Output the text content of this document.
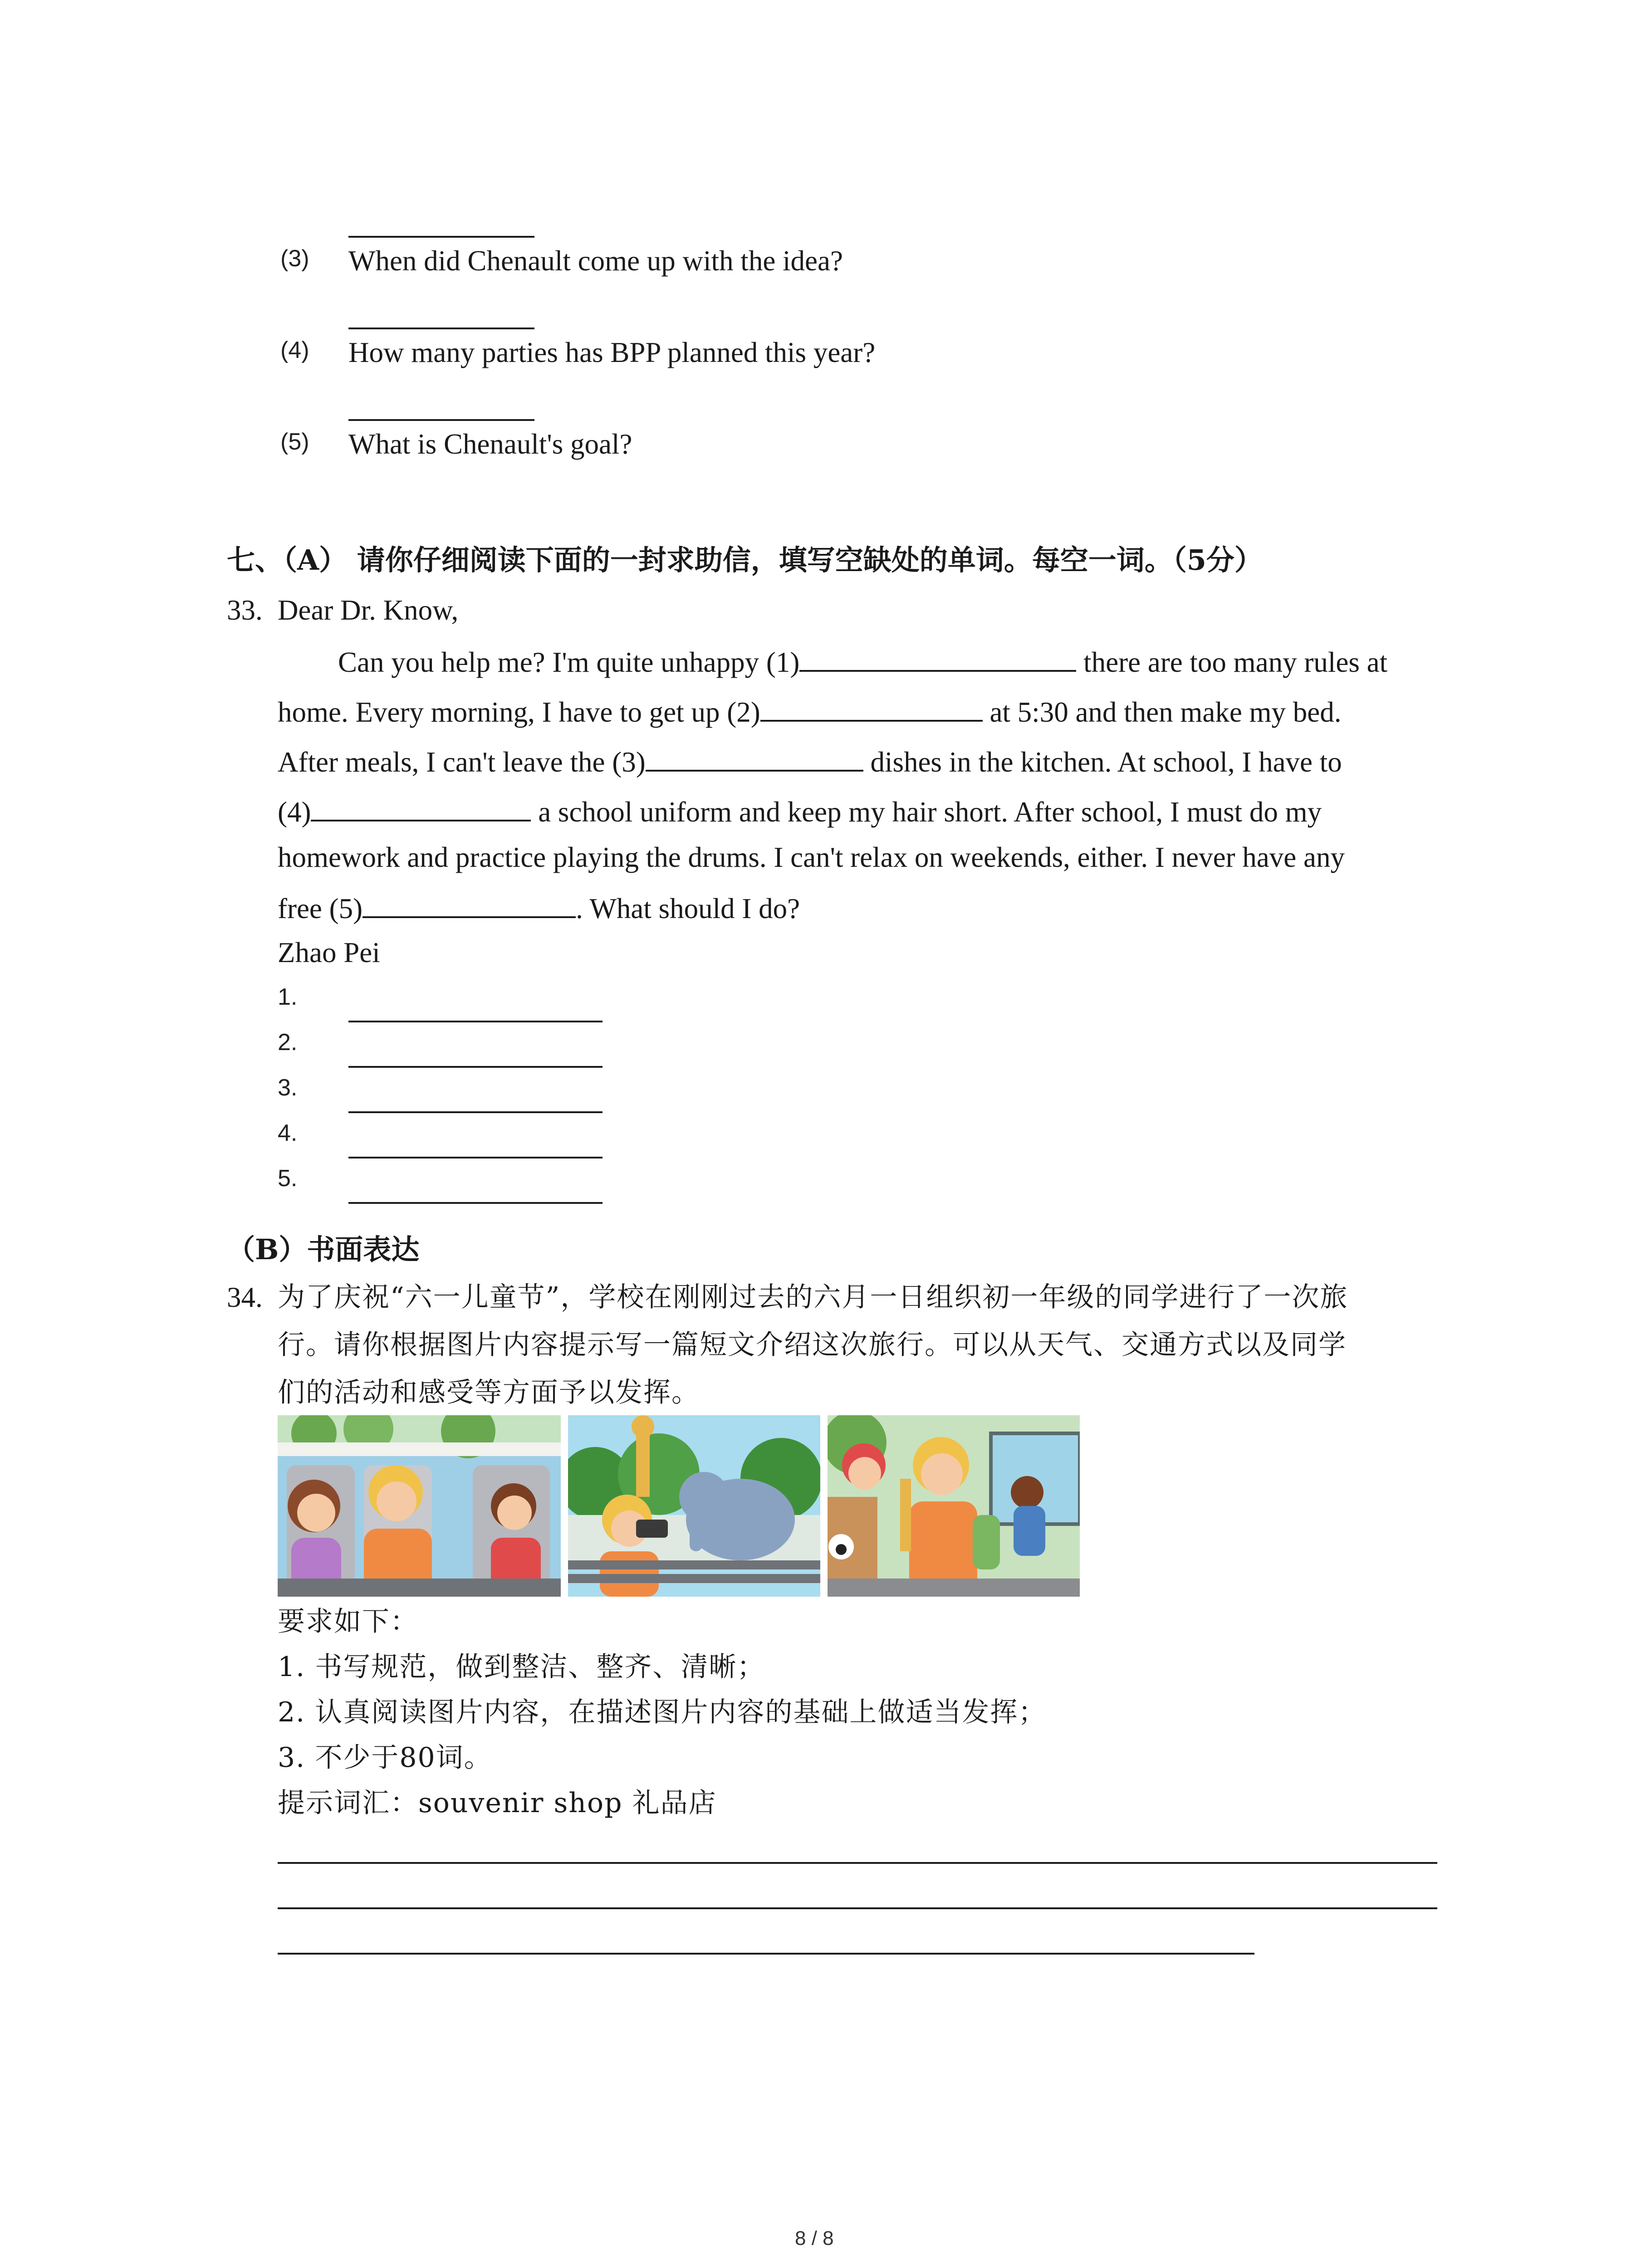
(3) When did Chenault come up with the idea?
(4) How many parties has BPP planned this year?
(5) What is Chenault's goal?
七、（A） 请你仔细阅读下面的一封求助信，填写空缺处的单词。每空一词。（5分）
33. Dear Dr. Know,
Can you help me? I'm quite unhappy (1)	there are too many rules at
home. Every morning, I have to get up (2)	at 5:30 and then make my bed.
After meals, I can't leave the (3)	dishes in the kitchen. At school, I have to
(4)	a school uniform and keep my hair short. After school, I must do my
homework and practice playing the drums. I can't relax on weekends, either. I never have any
free (5)	. What should I do?
Zhao Pei
1.
2.
3.
4.
5.
（B）书面表达
34. 为了庆祝“六一儿童节”，学校在刚刚过去的六月一日组织初一年级的同学进行了一次旅
行。请你根据图片内容提示写一篇短文介绍这次旅行。可以从天气、交通方式以及同学
们的活动和感受等方面予以发挥。
要求如下：
1. 书写规范，做到整洁、整齐、清晰；
2. 认真阅读图片内容，在描述图片内容的基础上做适当发挥；
3. 不少于80词。
提示词汇：souvenir shop 礼品店
8 / 8
